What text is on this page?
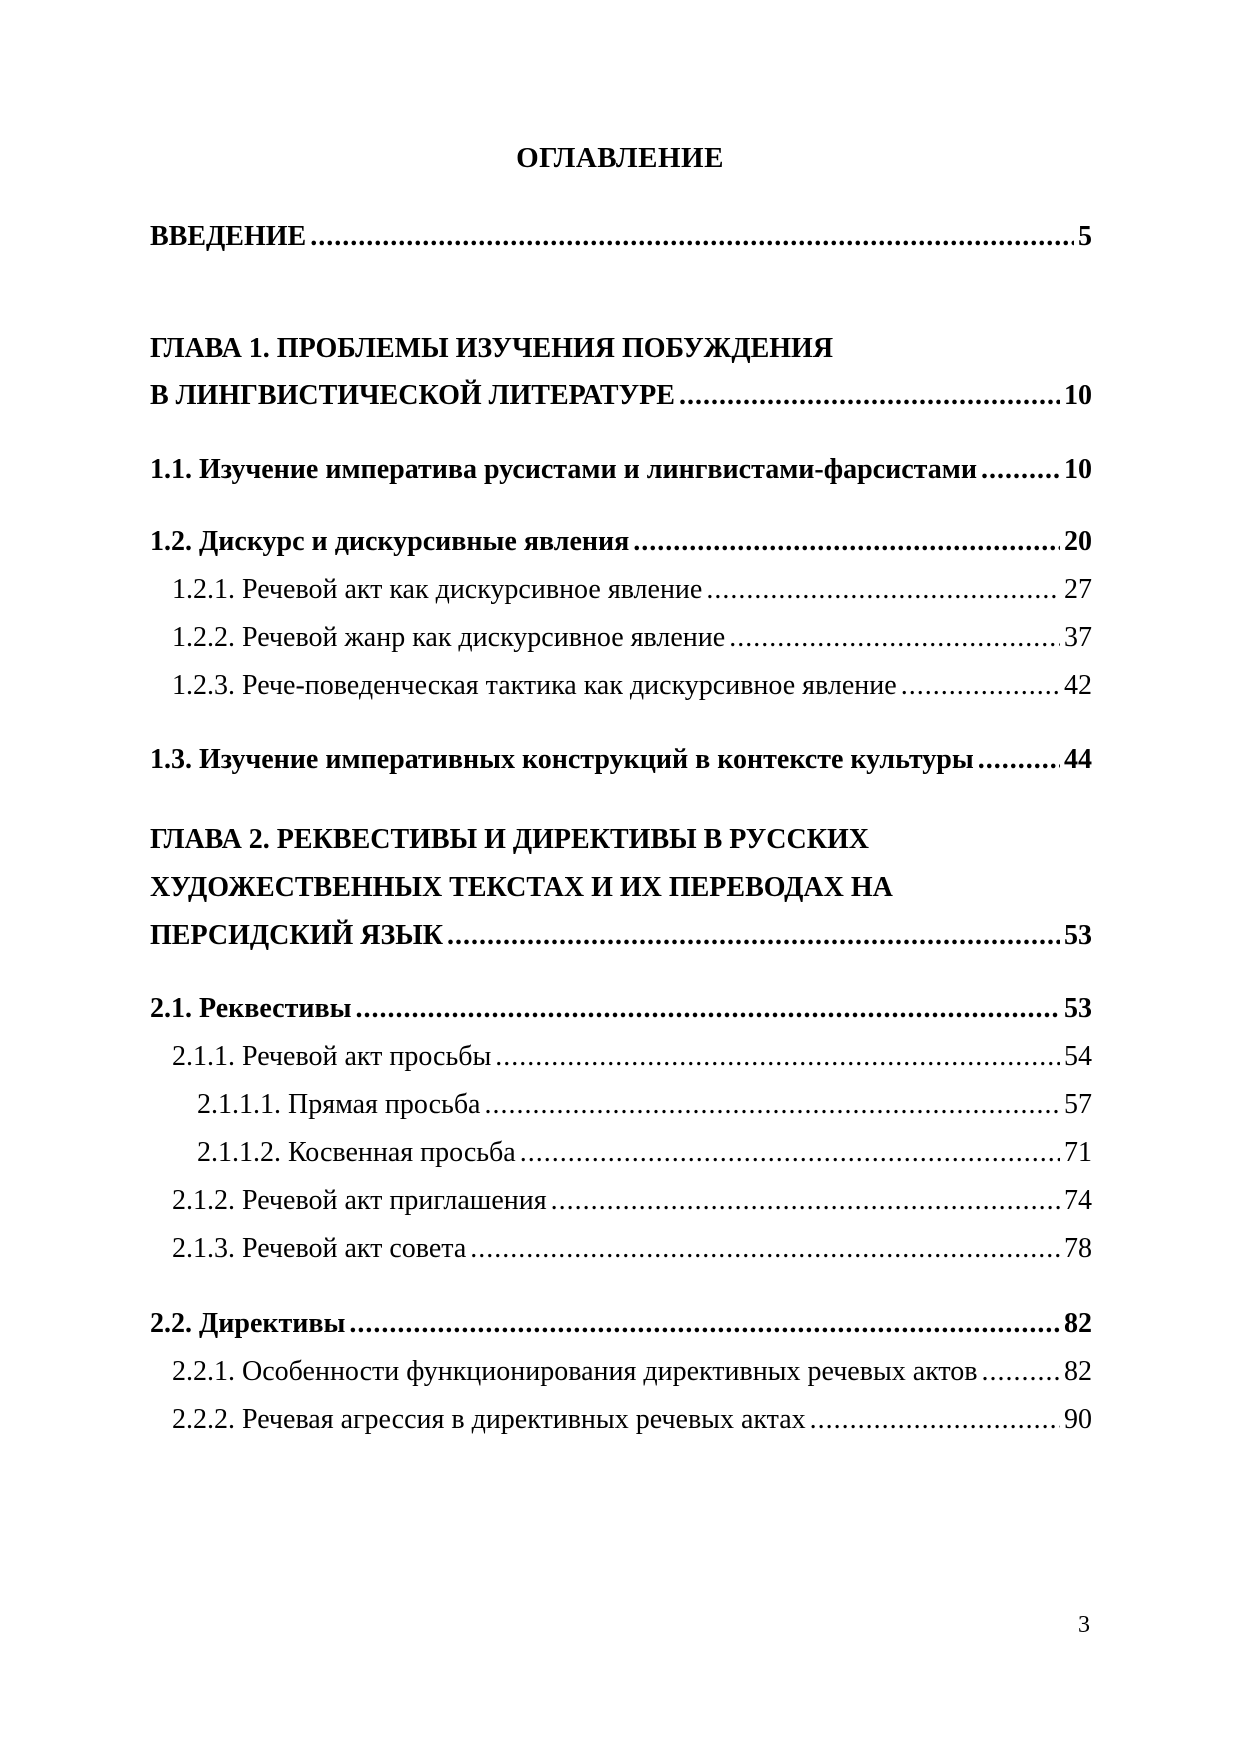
ОГЛАВЛЕНИЕ
ВВЕДЕНИЕ .....	5
ГЛАВА 1. ПРОБЛЕМЫ ИЗУЧЕНИЯ ПОБУЖДЕНИЯ
В ЛИНГВИСТИЧЕСКОЙ ЛИТЕРАТУРЕ .....	10
1.1. Изучение императива русистами и лингвистами-фарсистами .....	10
1.2. Дискурс и дискурсивные явления .....	20
1.2.1. Речевой акт как дискурсивное явление .....	27
1.2.2. Речевой жанр как дискурсивное явление .....	37
1.2.3. Рече-поведенческая тактика как дискурсивное явление .....	42
1.3. Изучение императивных конструкций в контексте культуры .....	44
ГЛАВА 2. РЕКВЕСТИВЫ И ДИРЕКТИВЫ В РУССКИХ
ХУДОЖЕСТВЕННЫХ ТЕКСТАХ И ИХ ПЕРЕВОДАХ НА
ПЕРСИДСКИЙ ЯЗЫК .....	53
2.1. Реквестивы .....	53
2.1.1. Речевой акт просьбы .....	54
2.1.1.1. Прямая просьба .....	57
2.1.1.2. Косвенная просьба .....	71
2.1.2. Речевой акт приглашения .....	74
2.1.3. Речевой акт совета .....	78
2.2. Директивы .....	82
2.2.1. Особенности функционирования директивных речевых актов .....	82
2.2.2. Речевая агрессия в директивных речевых актах .....	90
3
